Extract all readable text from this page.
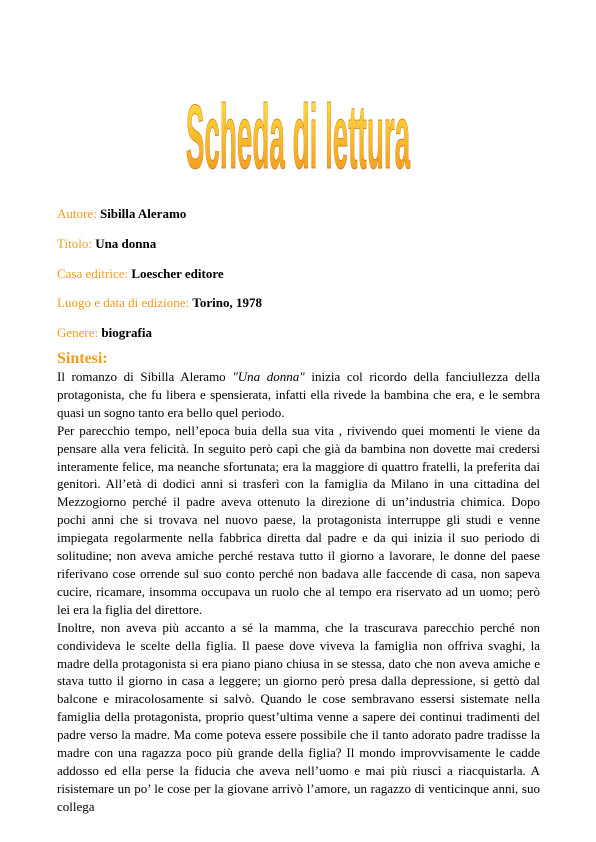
Scheda di lettura
Autore: Sibilla Aleramo
Titolo: Una donna
Casa editrice: Loescher editore
Luogo e data di edizione: Torino, 1978
Genere: biografia
Sintesi:

Il romanzo di Sibilla Aleramo "Una donna" inizia col ricordo della fanciullezza della protagonista, che fu libera e spensierata, infatti ella rivede la bambina che era, e le sembra quasi un sogno tanto era bello quel periodo.

Per parecchio tempo, nell’epoca buia della sua vita , rivivendo quei momenti le viene da pensare alla vera felicità. In seguito però capì che già da bambina non dovette mai credersi interamente felice, ma neanche sfortunata; era la maggiore di quattro fratelli, la preferita dai genitori. All’età di dodici anni si trasferì con la famiglia da Milano in una cittadina del Mezzogiorno perché il padre aveva ottenuto la direzione di un’industria chimica. Dopo pochi anni che si trovava nel nuovo paese, la protagonista interruppe gli studi e venne impiegata regolarmente nella fabbrica diretta dal padre e da qui inizia il suo periodo di solitudine; non aveva amiche perché restava tutto il giorno a lavorare, le donne del paese riferivano cose orrende sul suo conto perché non badava alle faccende di casa, non sapeva cucire, ricamare, insomma occupava un ruolo che al tempo era riservato ad un uomo; però lei era la figlia del direttore.

Inoltre, non aveva più accanto a sé la mamma, che la trascurava parecchio perché non condivideva le scelte della figlia. Il paese dove viveva la famiglia non offriva svaghi, la madre della protagonista si era piano piano chiusa in se stessa, dato che non aveva amiche e stava tutto il giorno in casa a leggere; un giorno però presa dalla depressione, si gettò dal balcone e miracolosamente si salvò. Quando le cose sembravano essersi sistemate nella famiglia della protagonista, proprio quest’ultima venne a sapere dei continui tradimenti del padre verso la madre. Ma come poteva essere possibile che il tanto adorato padre tradisse la madre con una ragazza poco più grande della figlia? Il mondo improvvisamente le cadde addosso ed ella perse la fiducia che aveva nell’uomo e mai più riuscì a riacquistarla. A risistemare un po’ le cose per la giovane arrivò l’amore, un ragazzo di venticinque anni, suo collega
